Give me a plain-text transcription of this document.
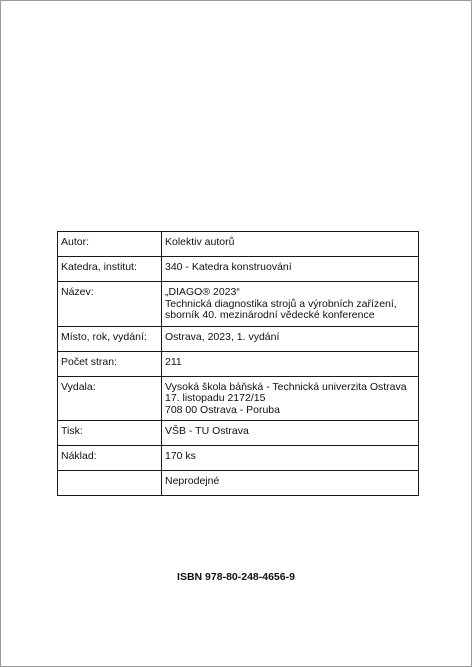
Autor:	Kolektiv autorů

Katedra, institut:	340 - Katedra konstruování

Název:	„DIAGO® 2023“
Technická diagnostika strojů a výrobních zařízení,
sborník 40. mezinárodní vědecké konference

Místo, rok, vydání:	Ostrava, 2023, 1. vydání

Počet stran:	211

Vydala:	Vysoká škola báňská - Technická univerzita Ostrava
17. listopadu 2172/15
708 00 Ostrava - Poruba

Tisk:	VŠB - TU Ostrava

Náklad:	170 ks

	Neprodejné
ISBN 978-80-248-4656-9
